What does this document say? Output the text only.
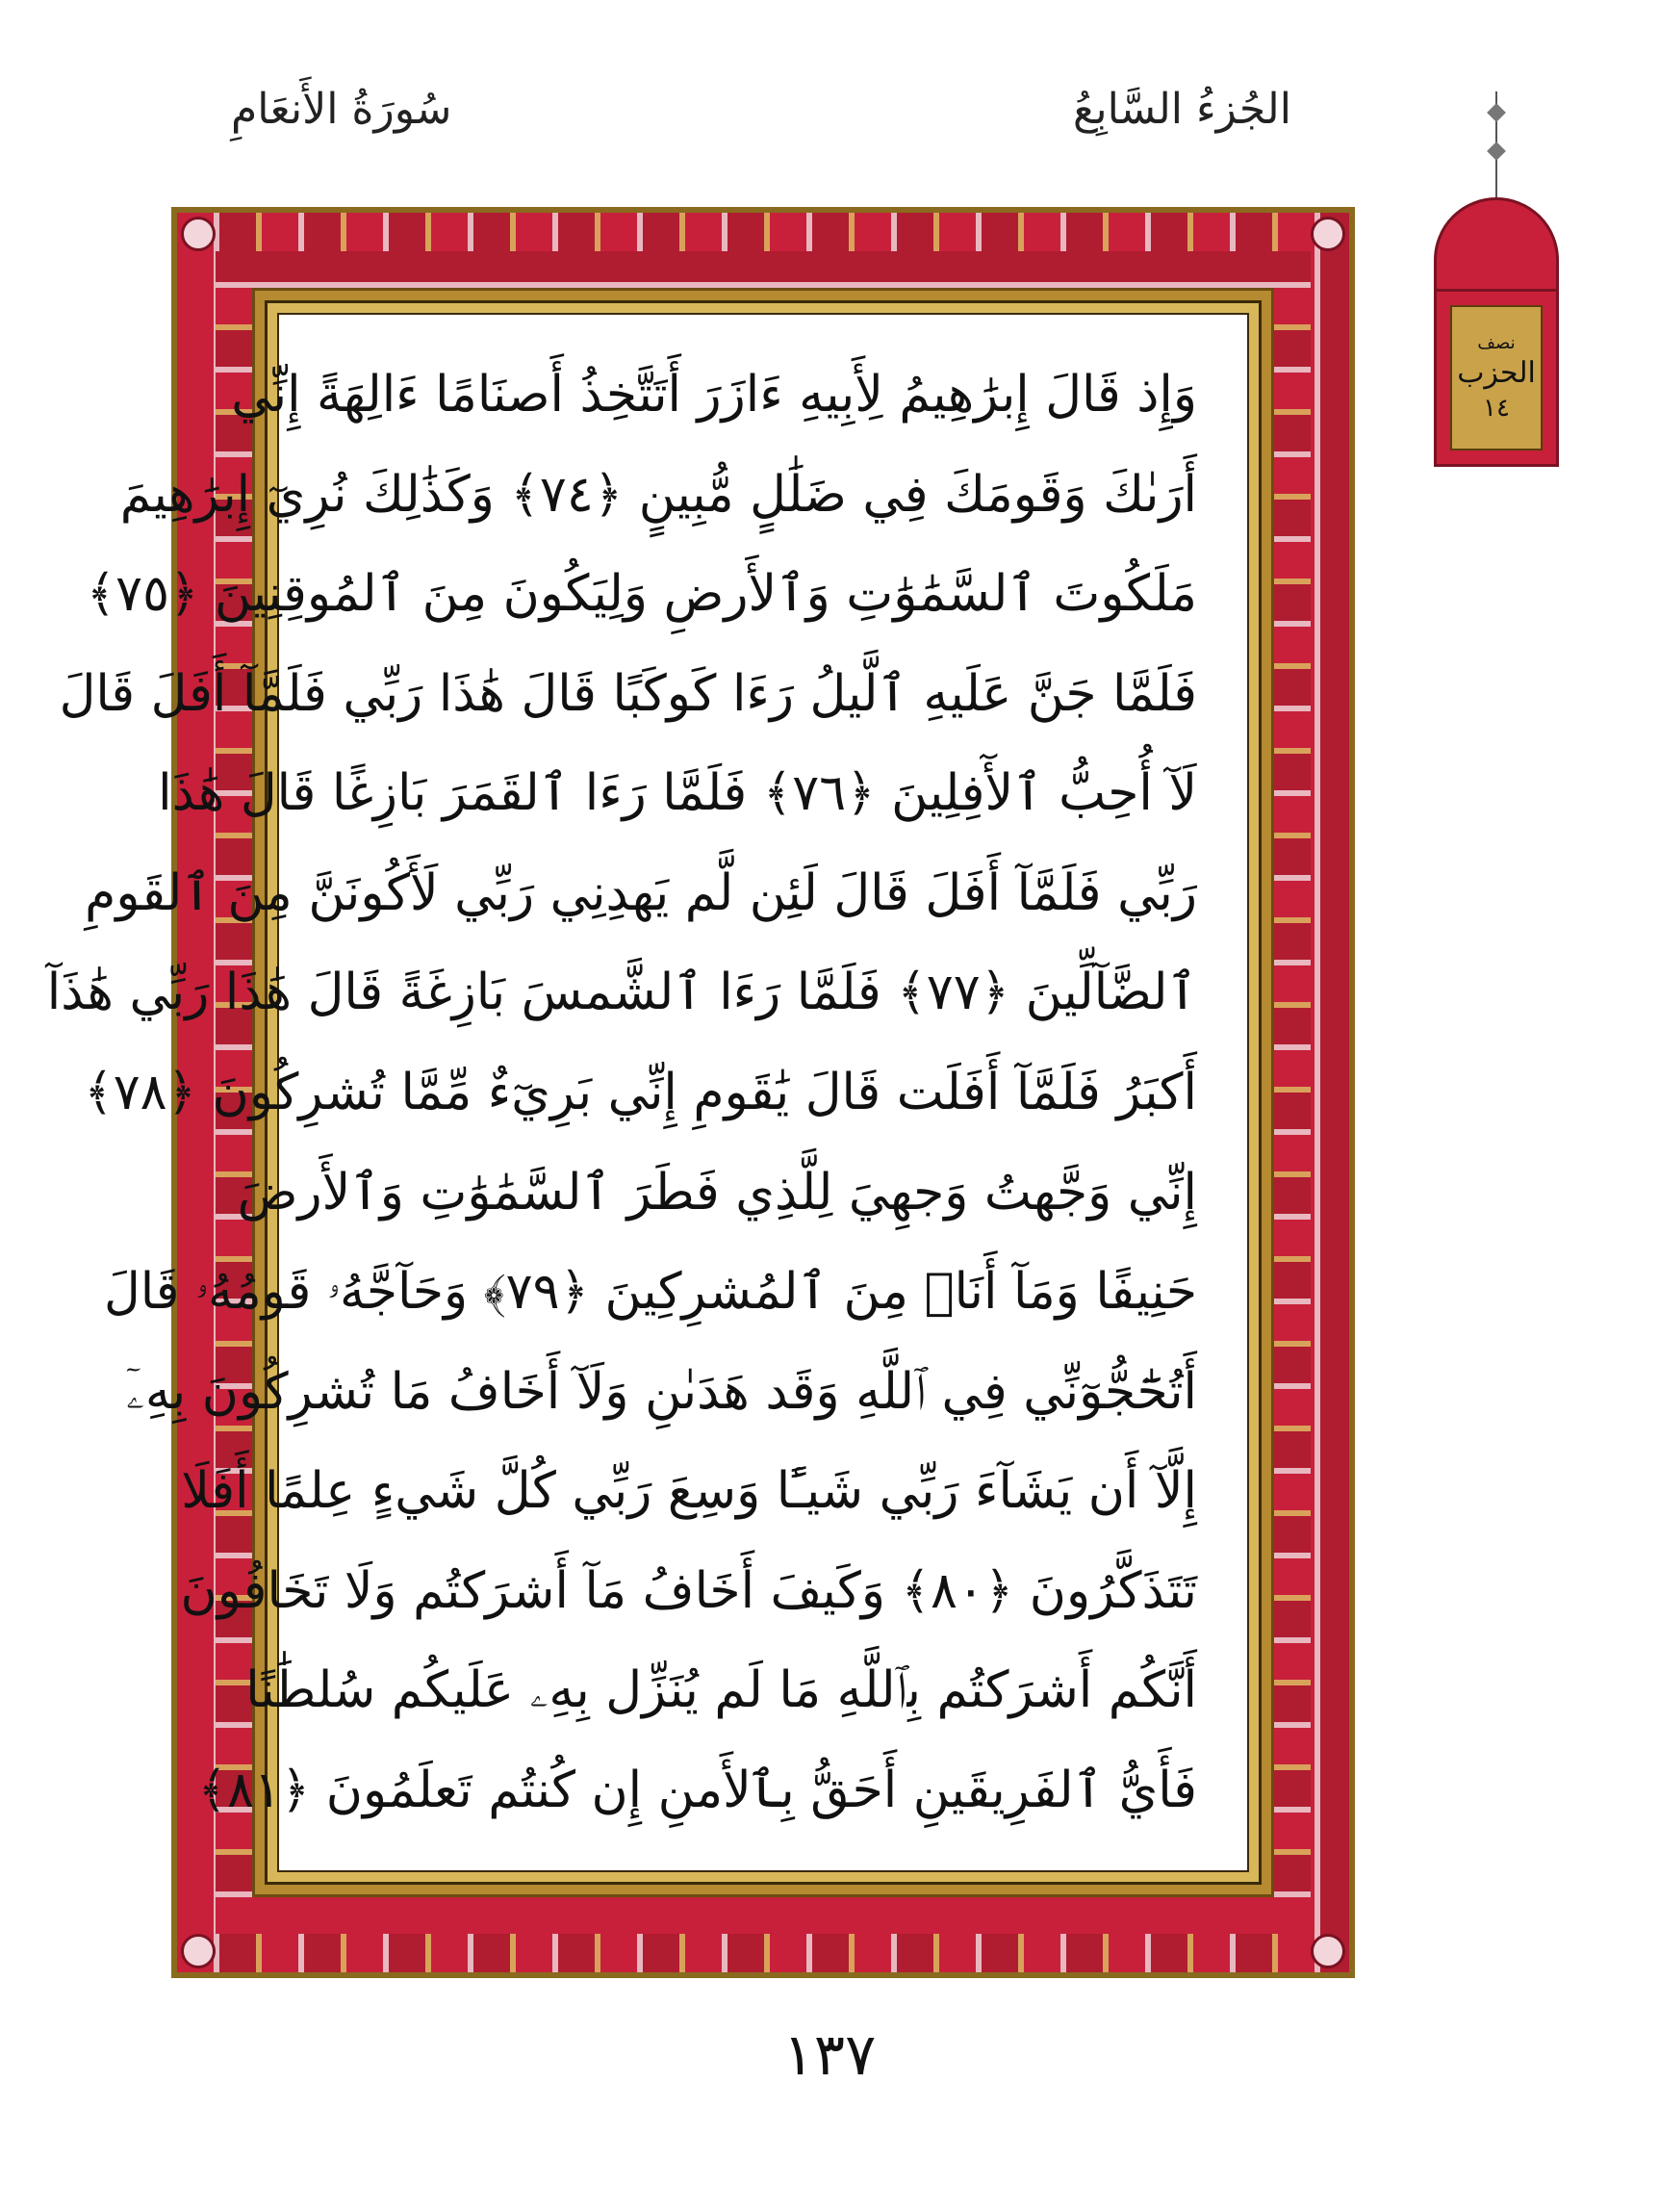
الجُزءُ السَّابِعُ
سُورَةُ الأَنعَامِ
نصف
الحزب
١٤
وَإِذ قَالَ إِبرَٰهِيمُ لِأَبِيهِ ءَازَرَ أَتَتَّخِذُ أَصنَامًا ءَالِهَةً إِنِّي
أَرَىٰكَ وَقَومَكَ فِي ضَلَٰلٍ مُّبِينٍ ﴿٧٤﴾ وَكَذَٰلِكَ نُرِيٓ إِبرَٰهِيمَ
مَلَكُوتَ ٱلسَّمَٰوَٰتِ وَٱلأَرضِ وَلِيَكُونَ مِنَ ٱلمُوقِنِينَ ﴿٧٥﴾
فَلَمَّا جَنَّ عَلَيهِ ٱلَّيلُ رَءَا كَوكَبًا قَالَ هَٰذَا رَبِّي فَلَمَّآ أَفَلَ قَالَ
لَآ أُحِبُّ ٱلأٓفِلِينَ ﴿٧٦﴾ فَلَمَّا رَءَا ٱلقَمَرَ بَازِغًا قَالَ هَٰذَا
رَبِّي فَلَمَّآ أَفَلَ قَالَ لَئِن لَّم يَهدِنِي رَبِّي لَأَكُونَنَّ مِنَ ٱلقَومِ
ٱلضَّآلِّينَ ﴿٧٧﴾ فَلَمَّا رَءَا ٱلشَّمسَ بَازِغَةً قَالَ هَٰذَا رَبِّي هَٰذَآ
أَكبَرُ فَلَمَّآ أَفَلَت قَالَ يَٰقَومِ إِنِّي بَرِيٓءٌ مِّمَّا تُشرِكُونَ ﴿٧٨﴾
إِنِّي وَجَّهتُ وَجهِيَ لِلَّذِي فَطَرَ ٱلسَّمَٰوَٰتِ وَٱلأَرضَ
حَنِيفًا وَمَآ أَنَا۠ مِنَ ٱلمُشرِكِينَ ﴿٧٩﴾ وَحَآجَّهُۥ قَومُهُۥ قَالَ
أَتُحَٰٓجُّوٓنِّي فِي ٱللَّهِ وَقَد هَدَىٰنِ وَلَآ أَخَافُ مَا تُشرِكُونَ بِهِۦٓ
إِلَّآ أَن يَشَآءَ رَبِّي شَيـًٔا وَسِعَ رَبِّي كُلَّ شَيءٍ عِلمًا أَفَلَا
تَتَذَكَّرُونَ ﴿٨٠﴾ وَكَيفَ أَخَافُ مَآ أَشرَكتُم وَلَا تَخَافُونَ
أَنَّكُم أَشرَكتُم بِٱللَّهِ مَا لَم يُنَزِّل بِهِۦ عَلَيكُم سُلطَٰنًا
فَأَيُّ ٱلفَرِيقَينِ أَحَقُّ بِٱلأَمنِ إِن كُنتُم تَعلَمُونَ ﴿٨١﴾
١٣٧
